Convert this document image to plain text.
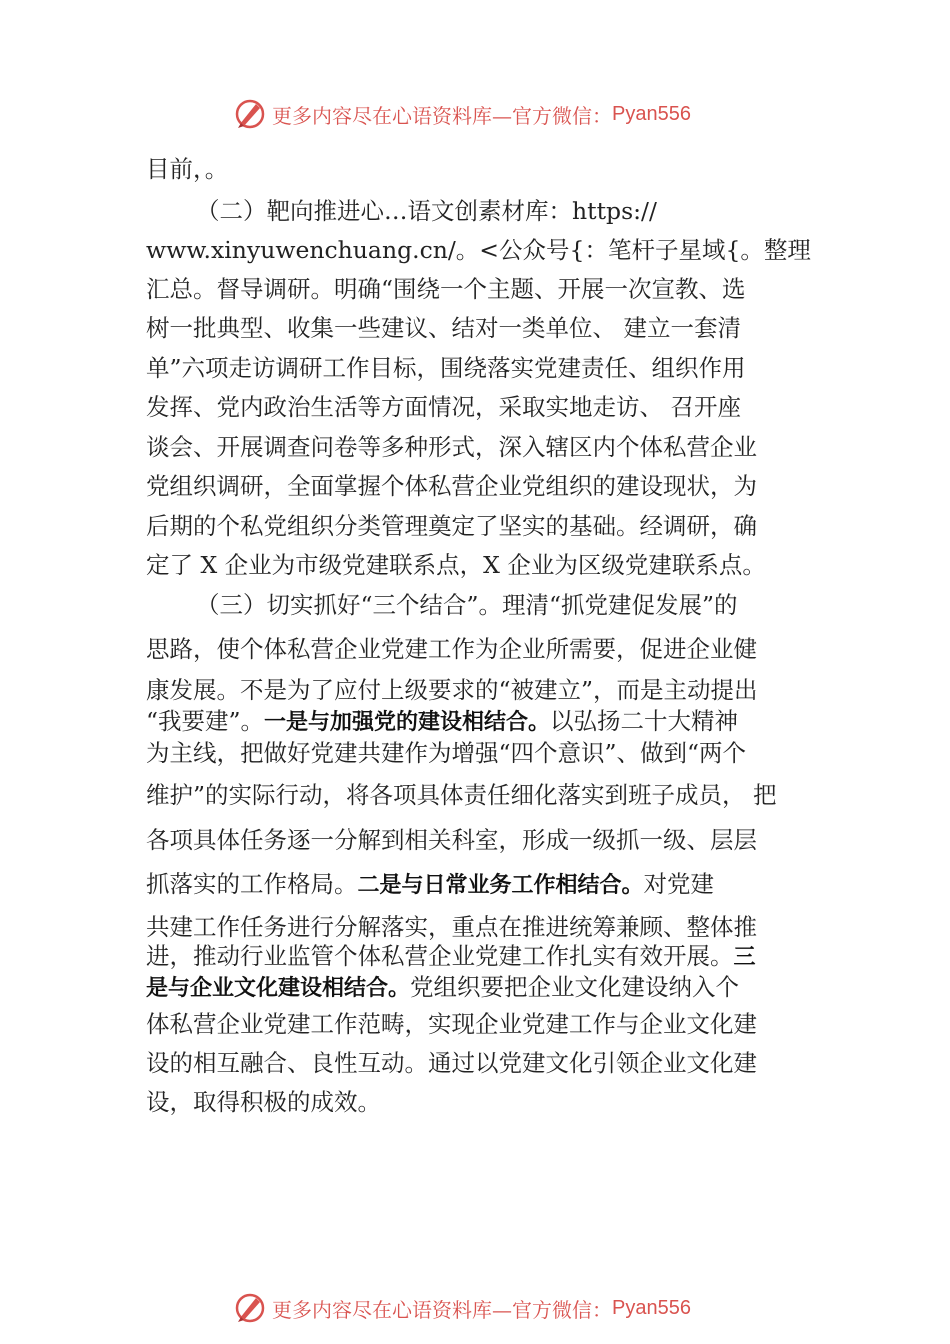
更多内容尽在心语资料库—官方微信： Pyan556
目前，。
（二）靶向推进心…语文创素材库：https://
www.xinyuwenchuang.cn/。<公众号{：笔杆子星域{。整理
汇总。督导调研。明确“围绕一个主题、开展一次宣教、选
树一批典型、收集一些建议、结对一类单位、 建立一套清
单”六项走访调研工作目标，围绕落实党建责任、组织作用
发挥、党内政治生活等方面情况，采取实地走访、 召开座
谈会、开展调查问卷等多种形式，深入辖区内个体私营企业
党组织调研，全面掌握个体私营企业党组织的建设现状，为
后期的个私党组织分类管理奠定了坚实的基础。经调研，确
定了 X 企业为市级党建联系点，X 企业为区级党建联系点。
（三）切实抓好“三个结合”。理清“抓党建促发展”的
思路，使个体私营企业党建工作为企业所需要，促进企业健
康发展。不是为了应付上级要求的“被建立”，而是主动提出
“我要建”。一是与加强党的建设相结合。以弘扬二十大精神
为主线，把做好党建共建作为增强“四个意识”、做到“两个
维护”的实际行动，将各项具体责任细化落实到班子成员， 把
各项具体任务逐一分解到相关科室，形成一级抓一级、层层
抓落实的工作格局。二是与日常业务工作相结合。对党建
共建工作任务进行分解落实，重点在推进统筹兼顾、整体推
进，推动行业监管个体私营企业党建工作扎实有效开展。三
是与企业文化建设相结合。党组织要把企业文化建设纳入个
体私营企业党建工作范畴，实现企业党建工作与企业文化建
设的相互融合、良性互动。通过以党建文化引领企业文化建
设，取得积极的成效。
更多内容尽在心语资料库—官方微信： Pyan556
